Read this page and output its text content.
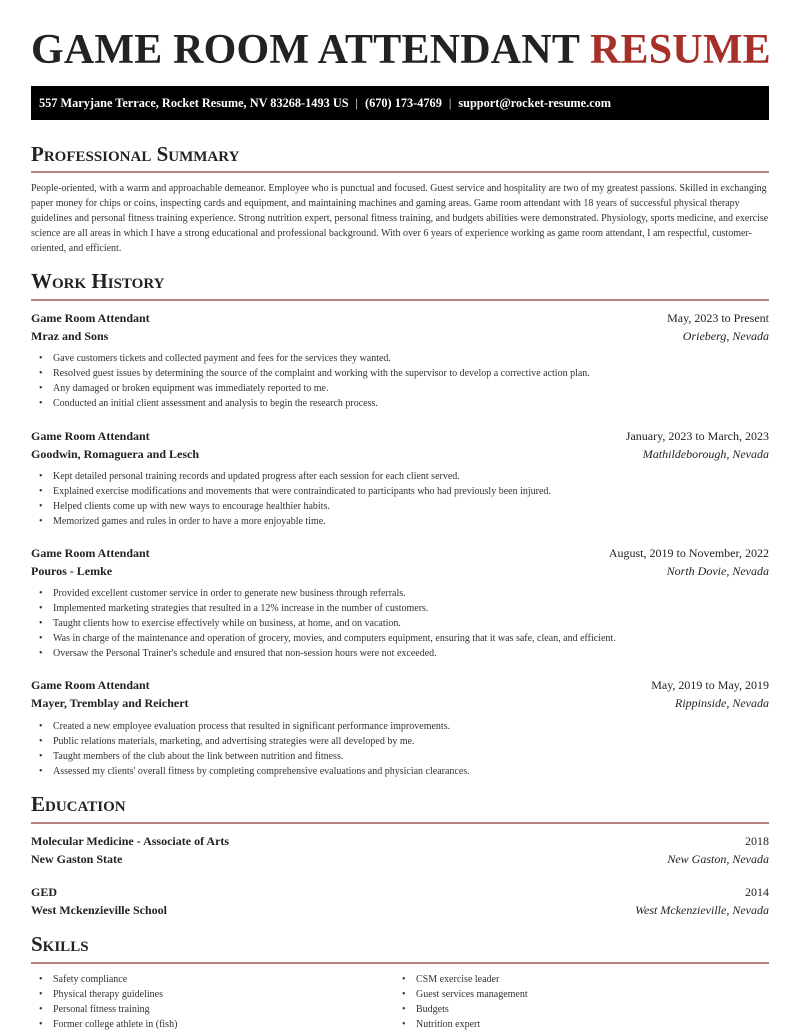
GAME ROOM ATTENDANT RESUME
557 Maryjane Terrace, Rocket Resume, NV 83268-1493 US | (670) 173-4769 | support@rocket-resume.com
Professional Summary

People-oriented, with a warm and approachable demeanor. Employee who is punctual and focused. Guest service and hospitality are two of my greatest passions. Skilled in exchanging paper money for chips or coins, inspecting cards and equipment, and maintaining machines and gaming areas. Game room attendant with 18 years of successful physical therapy guidelines and personal fitness training experience. Strong nutrition expert, personal fitness training, and budgets abilities were demonstrated. Physiology, sports medicine, and exercise science are all areas in which I have a strong educational and professional background. With over 6 years of experience working as game room attendant, I am respectful, customer-oriented, and efficient.

Work History
Game Room Attendant	May, 2023 to Present
Mraz and Sons	Orieberg, Nevada
• Gave customers tickets and collected payment and fees for the services they wanted.
• Resolved guest issues by determining the source of the complaint and working with the supervisor to develop a corrective action plan.
• Any damaged or broken equipment was immediately reported to me.
• Conducted an initial client assessment and analysis to begin the research process.
Game Room Attendant	January, 2023 to March, 2023
Goodwin, Romaguera and Lesch	Mathildeborough, Nevada
• Kept detailed personal training records and updated progress after each session for each client served.
• Explained exercise modifications and movements that were contraindicated to participants who had previously been injured.
• Helped clients come up with new ways to encourage healthier habits.
• Memorized games and rules in order to have a more enjoyable time.
Game Room Attendant	August, 2019 to November, 2022
Pouros - Lemke	North Dovie, Nevada
• Provided excellent customer service in order to generate new business through referrals.
• Implemented marketing strategies that resulted in a 12% increase in the number of customers.
• Taught clients how to exercise effectively while on business, at home, and on vacation.
• Was in charge of the maintenance and operation of grocery, movies, and computers equipment, ensuring that it was safe, clean, and efficient.
• Oversaw the Personal Trainer's schedule and ensured that non-session hours were not exceeded.
Game Room Attendant	May, 2019 to May, 2019
Mayer, Tremblay and Reichert	Rippinside, Nevada
• Created a new employee evaluation process that resulted in significant performance improvements.
• Public relations materials, marketing, and advertising strategies were all developed by me.
• Taught members of the club about the link between nutrition and fitness.
• Assessed my clients' overall fitness by completing comprehensive evaluations and physician clearances.
Education
Molecular Medicine - Associate of Arts	2018
New Gaston State	New Gaston, Nevada
GED	2014
West Mckenzieville School	West Mckenzieville, Nevada
Skills
• Safety compliance
• Physical therapy guidelines
• Personal fitness training
• Former college athlete in (fish)
• CSM exercise leader
• Guest services management
• Budgets
• Nutrition expert
